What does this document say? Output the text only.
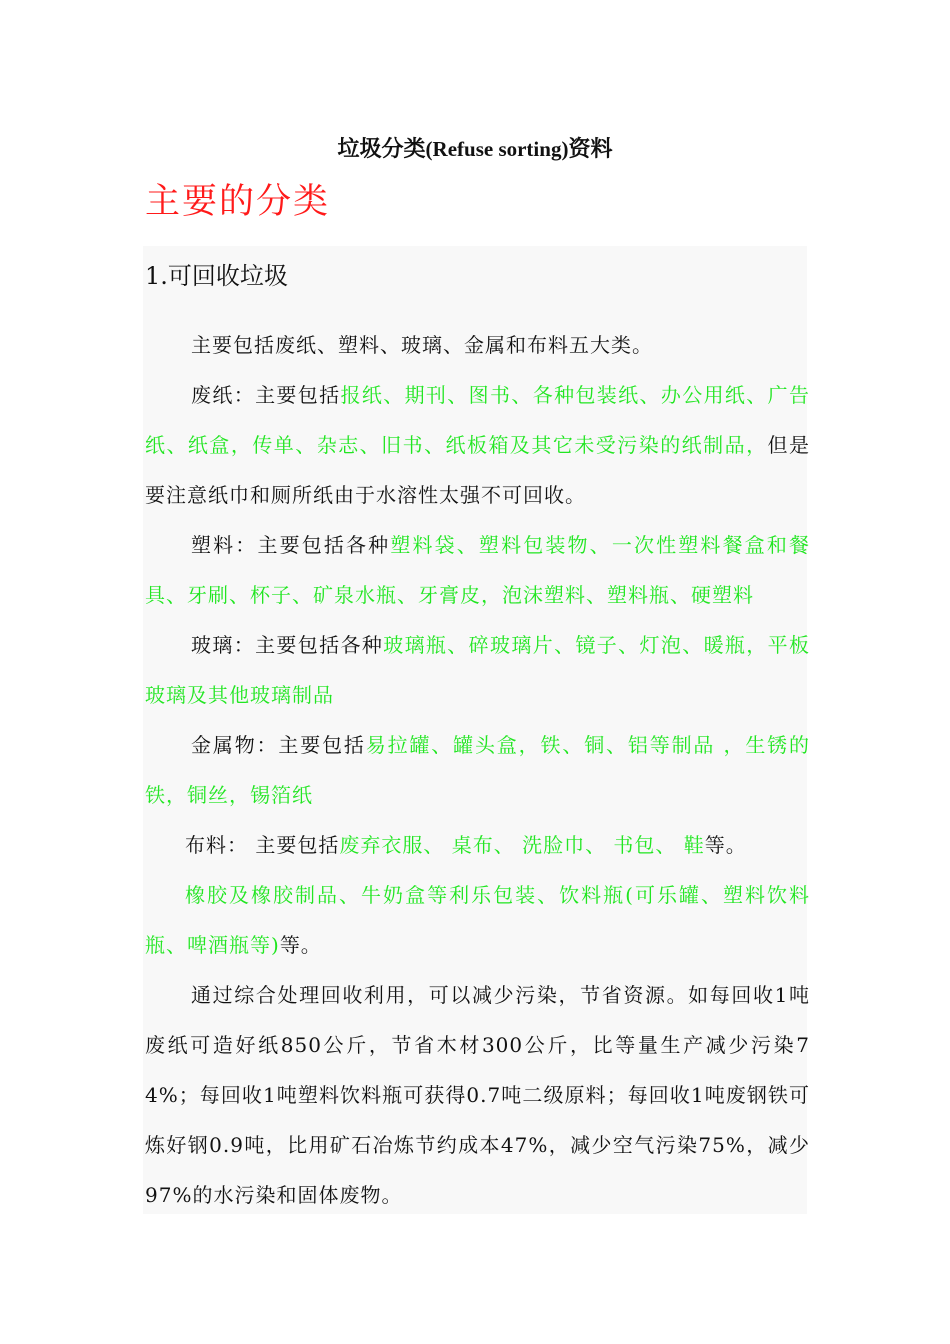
垃圾分类(Refuse sorting)资料
主要的分类
1.可回收垃圾
主要包括废纸、塑料、玻璃、金属和布料五大类。
废纸：主要包括报纸、期刊、图书、各种包装纸、办公用纸、广告纸、纸盒，传单、杂志、旧书、纸板箱及其它未受污染的纸制品，但是要注意纸巾和厕所纸由于水溶性太强不可回收。
塑料：主要包括各种塑料袋、塑料包装物、一次性塑料餐盒和餐具、牙刷、杯子、矿泉水瓶、牙膏皮，泡沫塑料、塑料瓶、硬塑料
玻璃：主要包括各种玻璃瓶、碎玻璃片、镜子、灯泡、暖瓶，平板玻璃及其他玻璃制品
金属物：主要包括易拉罐、罐头盒，铁、铜、铝等制品 ，生锈的铁，铜丝，锡箔纸
布料： 主要包括废弃衣服、 桌布、 洗脸巾、 书包、 鞋等。
橡胶及橡胶制品、牛奶盒等利乐包装、饮料瓶(可乐罐、塑料饮料瓶、啤酒瓶等)等。
通过综合处理回收利用，可以减少污染，节省资源。如每回收1吨废纸可造好纸850公斤，节省木材300公斤，比等量生产减少污染74%；每回收1吨塑料饮料瓶可获得0.7吨二级原料；每回收1吨废钢铁可炼好钢0.9吨，比用矿石冶炼节约成本47%，减少空气污染75%，减少97%的水污染和固体废物。
